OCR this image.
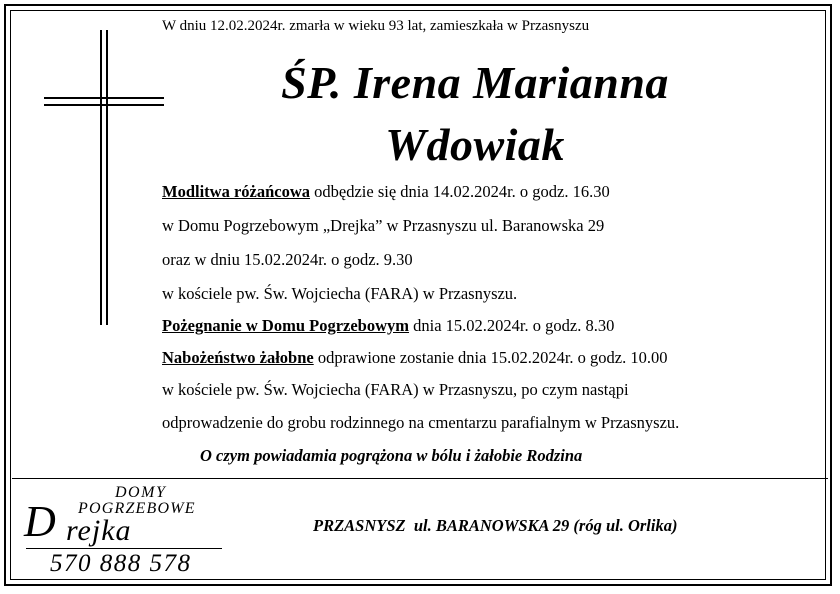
W dniu 12.02.2024r. zmarła w wieku 93 lat, zamieszkała w Przasnyszu
ŚP. Irena Marianna
Wdowiak
Modlitwa różańcowa odbędzie się dnia 14.02.2024r. o godz. 16.30
w Domu Pogrzebowym „Drejka” w Przasnyszu ul. Baranowska 29
oraz w dniu 15.02.2024r. o godz. 9.30
w kościele pw. Św. Wojciecha (FARA) w Przasnyszu.
Pożegnanie w Domu Pogrzebowym dnia 15.02.2024r. o godz. 8.30
Nabożeństwo żałobne odprawione zostanie dnia 15.02.2024r. o godz. 10.00
w kościele pw. Św. Wojciecha (FARA) w Przasnyszu, po czym nastąpi
odprowadzenie do grobu rodzinnego na cmentarzu parafialnym w Przasnyszu.
O czym powiadamia pogrążona w bólu i żałobie Rodzina
DOMY
POGRZEBOWE
D rejka
570 888 578
PRZASNYSZ  ul. BARANOWSKA 29 (róg ul. Orlika)
